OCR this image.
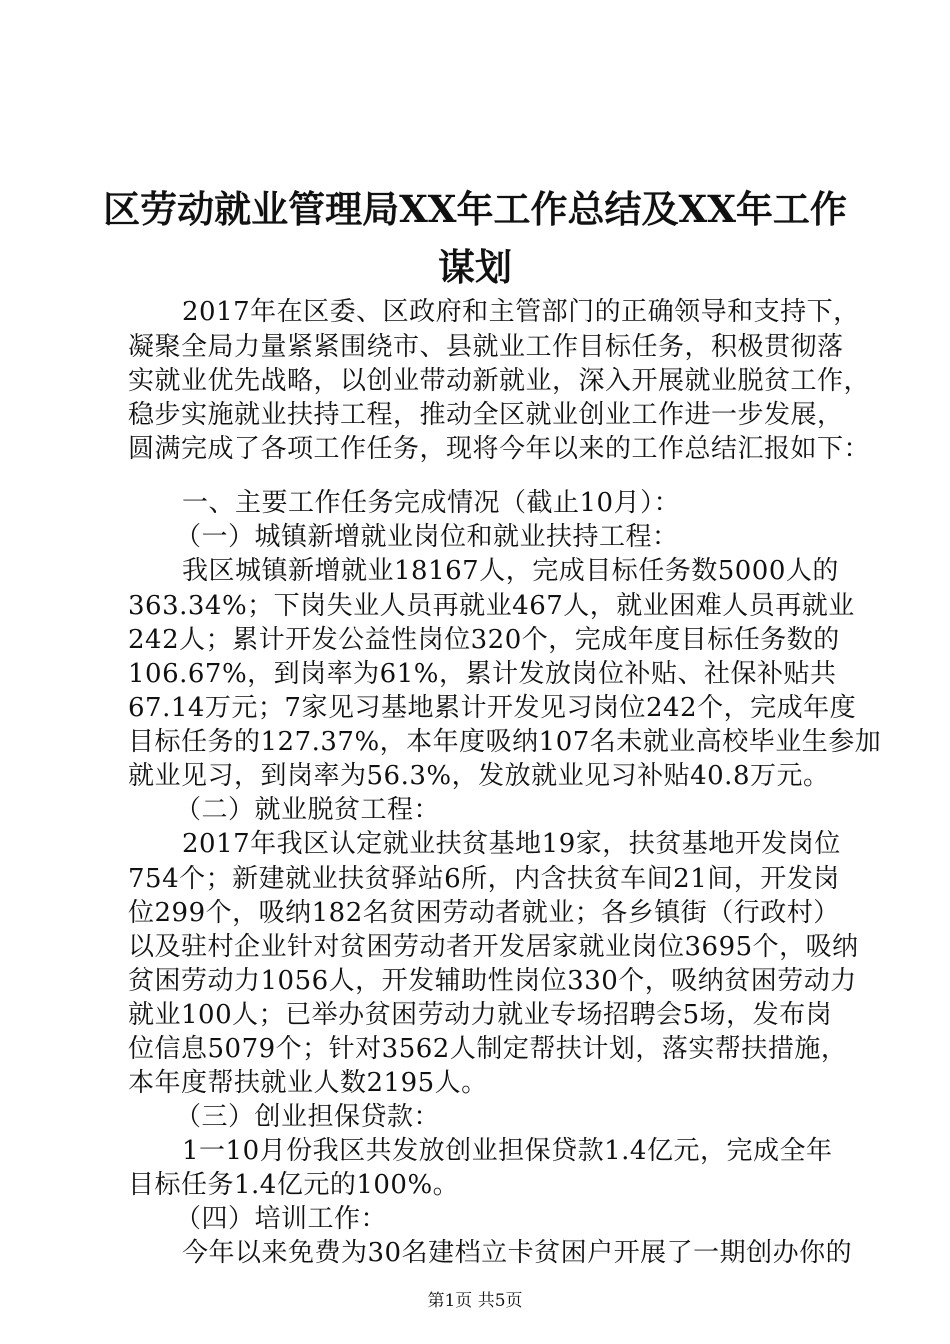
区劳动就业管理局XX年工作总结及XX年工作
谋划
2017年在区委、区政府和主管部门的正确领导和支持下，
凝聚全局力量紧紧围绕市、县就业工作目标任务，积极贯彻落
实就业优先战略，以创业带动新就业，深入开展就业脱贫工作，
稳步实施就业扶持工程，推动全区就业创业工作进一步发展，
圆满完成了各项工作任务，现将今年以来的工作总结汇报如下：
一、主要工作任务完成情况（截止10月）：
（一）城镇新增就业岗位和就业扶持工程：
我区城镇新增就业18167人，完成目标任务数5000人的
363.34%；下岗失业人员再就业467人，就业困难人员再就业
242人；累计开发公益性岗位320个，完成年度目标任务数的
106.67%，到岗率为61%，累计发放岗位补贴、社保补贴共
67.14万元；7家见习基地累计开发见习岗位242个，完成年度
目标任务的127.37%，本年度吸纳107名未就业高校毕业生参加
就业见习，到岗率为56.3%，发放就业见习补贴40.8万元。
（二）就业脱贫工程：
2017年我区认定就业扶贫基地19家，扶贫基地开发岗位
754个；新建就业扶贫驿站6所，内含扶贫车间21间，开发岗
位299个，吸纳182名贫困劳动者就业；各乡镇街（行政村）
以及驻村企业针对贫困劳动者开发居家就业岗位3695个，吸纳
贫困劳动力1056人，开发辅助性岗位330个，吸纳贫困劳动力
就业100人；已举办贫困劳动力就业专场招聘会5场，发布岗
位信息5079个；针对3562人制定帮扶计划，落实帮扶措施，
本年度帮扶就业人数2195人。
（三）创业担保贷款：
1一10月份我区共发放创业担保贷款1.4亿元，完成全年
目标任务1.4亿元的100%。
（四）培训工作：
今年以来免费为30名建档立卡贫困户开展了一期创办你的
第1页 共5页
